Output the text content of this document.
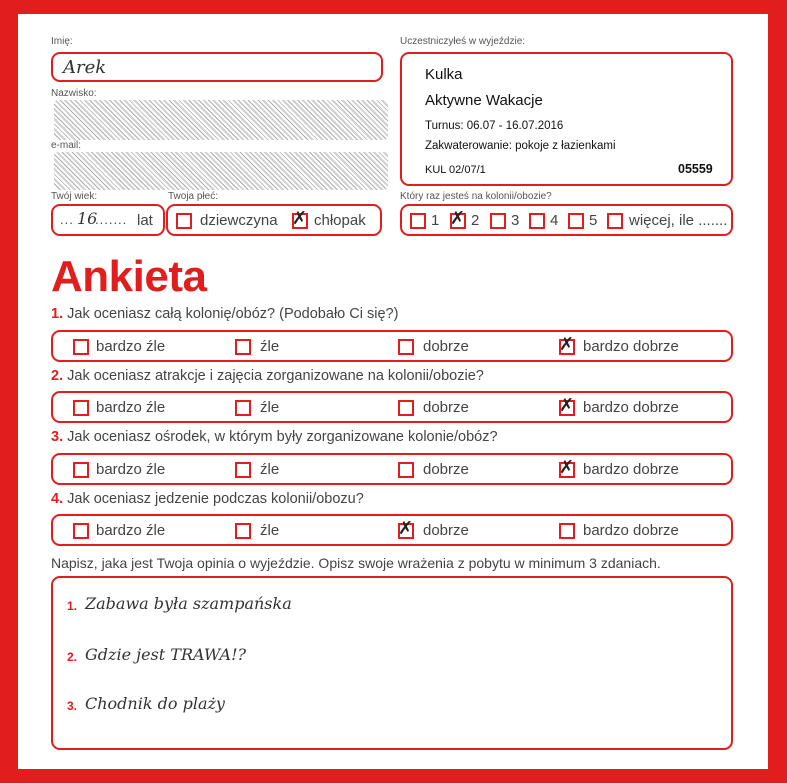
Imię:
Arek
Nazwisko:
e-mail:
Uczestniczyłeś w wyjeździe:
Kulka
Aktywne Wakacje
Turnus: 06.07 - 16.07.2016
Zakwaterowanie: pokoje z łazienkami
KUL 02/07/1	05559
Twój wiek:
... 16
....... lat
Twoja płeć:
dziewczyna ✗ chłopak
Który raz jesteś na kolonii/obozie?
1 ✗ 2 3 4 5 więcej, ile .......
Ankieta
1. Jak oceniasz całą kolonię/obóz? (Podobało Ci się?)
bardzo źle	źle	dobrze	✗ bardzo dobrze
2. Jak oceniasz atrakcje i zajęcia zorganizowane na kolonii/obozie?
bardzo źle	źle	dobrze	✗ bardzo dobrze
3. Jak oceniasz ośrodek, w którym były zorganizowane kolonie/obóz?
bardzo źle	źle	dobrze	✗ bardzo dobrze
4. Jak oceniasz jedzenie podczas kolonii/obozu?
bardzo źle	źle	✗ dobrze	bardzo dobrze
Napisz, jaka jest Twoja opinia o wyjeździe. Opisz swoje wrażenia z pobytu w minimum 3 zdaniach.
1. Zabawa była szampańska
2. Gdzie jest TRAWA!?
3. Chodnik do plaży
